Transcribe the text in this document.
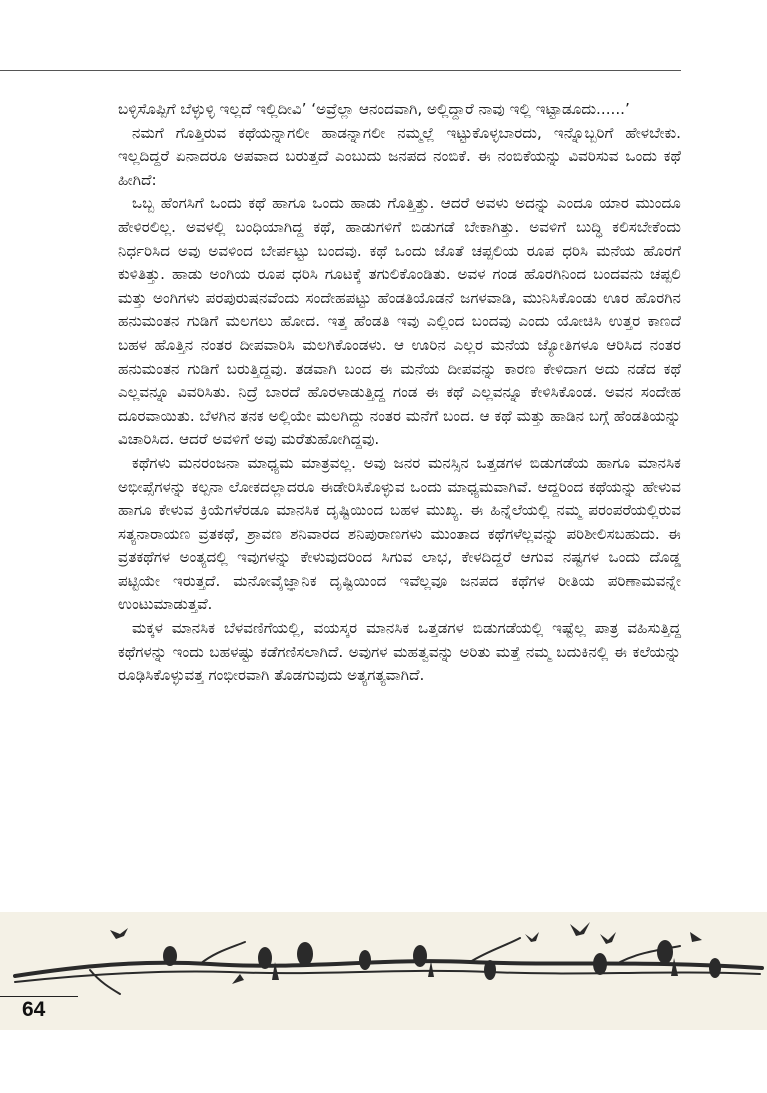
ಬಳ್ಳಿಸೊಪ್ಪಿಗೆ ಬೆಳ್ಳುಳ್ಳಿ ಇಲ್ಲದೆ ಇಲ್ಲಿದೀವಿ’ ‘ಅವ್ರೆಲ್ಲಾ ಆನಂದವಾಗಿ, ಅಲ್ಲಿದ್ದಾರೆ ನಾವು ಇಲ್ಲಿ ಇಟ್ಟಾಡೂದು......’

ನಮಗೆ ಗೊತ್ತಿರುವ ಕಥೆಯನ್ನಾಗಲೀ ಹಾಡನ್ನಾಗಲೀ ನಮ್ಮಲ್ಲೆ ಇಟ್ಟುಕೊಳ್ಳಬಾರದು, ಇನ್ನೊಬ್ಬರಿಗೆ ಹೇಳಬೇಕು. ಇಲ್ಲದಿದ್ದರೆ ಏನಾದರೂ ಅಪವಾದ ಬರುತ್ತದೆ ಎಂಬುದು ಜನಪದ ನಂಬಿಕೆ. ಈ ನಂಬಿಕೆಯನ್ನು ವಿವರಿಸುವ ಒಂದು ಕಥೆ ಹೀಗಿದೆ:

ಒಬ್ಬ ಹೆಂಗಸಿಗೆ ಒಂದು ಕಥೆ ಹಾಗೂ ಒಂದು ಹಾಡು ಗೊತ್ತಿತ್ತು. ಆದರೆ ಅವಳು ಅದನ್ನು ಎಂದೂ ಯಾರ ಮುಂದೂ ಹೇಳಿರಲಿಲ್ಲ. ಅವಳಲ್ಲಿ ಬಂಧಿಯಾಗಿದ್ದ ಕಥೆ, ಹಾಡುಗಳಿಗೆ ಬಿಡುಗಡೆ ಬೇಕಾಗಿತ್ತು. ಅವಳಿಗೆ ಬುದ್ಧಿ ಕಲಿಸಬೇಕೆಂದು ನಿರ್ಧರಿಸಿದ ಅವು ಅವಳಿಂದ ಬೇರ್ಪಟ್ಟು ಬಂದವು. ಕಥೆ ಒಂದು ಜೊತೆ ಚಪ್ಪಲಿಯ ರೂಪ ಧರಿಸಿ ಮನೆಯ ಹೊರಗೆ ಕುಳಿತಿತ್ತು. ಹಾಡು ಅಂಗಿಯ ರೂಪ ಧರಿಸಿ ಗೂಟಕ್ಕೆ ತಗುಲಿಕೊಂಡಿತು. ಅವಳ ಗಂಡ ಹೊರಗಿನಿಂದ ಬಂದವನು ಚಪ್ಪಲಿ ಮತ್ತು ಅಂಗಿಗಳು ಪರಪುರುಷನವೆಂದು ಸಂದೇಹಪಟ್ಟು ಹೆಂಡತಿಯೊಡನೆ ಜಗಳವಾಡಿ, ಮುನಿಸಿಕೊಂಡು ಊರ ಹೊರಗಿನ ಹನುಮಂತನ ಗುಡಿಗೆ ಮಲಗಲು ಹೋದ. ಇತ್ತ ಹೆಂಡತಿ ಇವು ಎಲ್ಲಿಂದ ಬಂದವು ಎಂದು ಯೋಚಿಸಿ ಉತ್ತರ ಕಾಣದೆ ಬಹಳ ಹೊತ್ತಿನ ನಂತರ ದೀಪವಾರಿಸಿ ಮಲಗಿಕೊಂಡಳು. ಆ ಊರಿನ ಎಲ್ಲರ ಮನೆಯ ಜ್ಯೋತಿಗಳೂ ಆರಿಸಿದ ನಂತರ ಹನುಮಂತನ ಗುಡಿಗೆ ಬರುತ್ತಿದ್ದವು. ತಡವಾಗಿ ಬಂದ ಈ ಮನೆಯ ದೀಪವನ್ನು ಕಾರಣ ಕೇಳಿದಾಗ ಅದು ನಡೆದ ಕಥೆ ಎಲ್ಲವನ್ನೂ ವಿವರಿಸಿತು. ನಿದ್ರೆ ಬಾರದೆ ಹೊರಳಾಡುತ್ತಿದ್ದ ಗಂಡ ಈ ಕಥೆ ಎಲ್ಲವನ್ನೂ ಕೇಳಿಸಿಕೊಂಡ. ಅವನ ಸಂದೇಹ ದೂರವಾಯಿತು. ಬೆಳಗಿನ ತನಕ ಅಲ್ಲಿಯೇ ಮಲಗಿದ್ದು ನಂತರ ಮನೆಗೆ ಬಂದ. ಆ ಕಥೆ ಮತ್ತು ಹಾಡಿನ ಬಗ್ಗೆ ಹೆಂಡತಿಯನ್ನು ವಿಚಾರಿಸಿದ. ಆದರೆ ಅವಳಿಗೆ ಅವು ಮರೆತುಹೋಗಿದ್ದವು.

ಕಥೆಗಳು ಮನರಂಜನಾ ಮಾಧ್ಯಮ ಮಾತ್ರವಲ್ಲ. ಅವು ಜನರ ಮನಸ್ಸಿನ ಒತ್ತಡಗಳ ಬಿಡುಗಡೆಯ ಹಾಗೂ ಮಾನಸಿಕ ಅಭೀಪ್ಸೆಗಳನ್ನು ಕಲ್ಪನಾ ಲೋಕದಲ್ಲಾದರೂ ಈಡೇರಿಸಿಕೊಳ್ಳುವ ಒಂದು ಮಾಧ್ಯಮವಾಗಿವೆ. ಆದ್ದರಿಂದ ಕಥೆಯನ್ನು ಹೇಳುವ ಹಾಗೂ ಕೇಳುವ ಕ್ರಿಯೆಗಳೆರಡೂ ಮಾನಸಿಕ ದೃಷ್ಟಿಯಿಂದ ಬಹಳ ಮುಖ್ಯ. ಈ ಹಿನ್ನೆಲೆಯಲ್ಲಿ ನಮ್ಮ ಪರಂಪರೆಯಲ್ಲಿರುವ ಸತ್ಯನಾರಾಯಣ ವ್ರತಕಥೆ, ಶ್ರಾವಣ ಶನಿವಾರದ ಶನಿಪುರಾಣಗಳು ಮುಂತಾದ ಕಥೆಗಳೆಲ್ಲವನ್ನು ಪರಿಶೀಲಿಸಬಹುದು. ಈ ವ್ರತಕಥೆಗಳ ಅಂತ್ಯದಲ್ಲಿ ಇವುಗಳನ್ನು ಕೇಳುವುದರಿಂದ ಸಿಗುವ ಲಾಭ, ಕೇಳದಿದ್ದರೆ ಆಗುವ ನಷ್ಟಗಳ ಒಂದು ದೊಡ್ಡ ಪಟ್ಟಿಯೇ ಇರುತ್ತದೆ. ಮನೋವೈಜ್ಞಾನಿಕ ದೃಷ್ಟಿಯಿಂದ ಇವೆಲ್ಲವೂ ಜನಪದ ಕಥೆಗಳ ರೀತಿಯ ಪರಿಣಾಮವನ್ನೇ ಉಂಟುಮಾಡುತ್ತವೆ.

ಮಕ್ಕಳ ಮಾನಸಿಕ ಬೆಳವಣಿಗೆಯಲ್ಲಿ, ವಯಸ್ಕರ ಮಾನಸಿಕ ಒತ್ತಡಗಳ ಬಿಡುಗಡೆಯಲ್ಲಿ ಇಷ್ಟೆಲ್ಲ ಪಾತ್ರ ವಹಿಸುತ್ತಿದ್ದ ಕಥೆಗಳನ್ನು ಇಂದು ಬಹಳಷ್ಟು ಕಡೆಗಣಿಸಲಾಗಿದೆ. ಅವುಗಳ ಮಹತ್ವವನ್ನು ಅರಿತು ಮತ್ತೆ ನಮ್ಮ ಬದುಕಿನಲ್ಲಿ ಈ ಕಲೆಯನ್ನು ರೂಢಿಸಿಕೊಳ್ಳುವತ್ತ ಗಂಭೀರವಾಗಿ ತೊಡಗುವುದು ಅತ್ಯಗತ್ಯವಾಗಿದೆ.

64
